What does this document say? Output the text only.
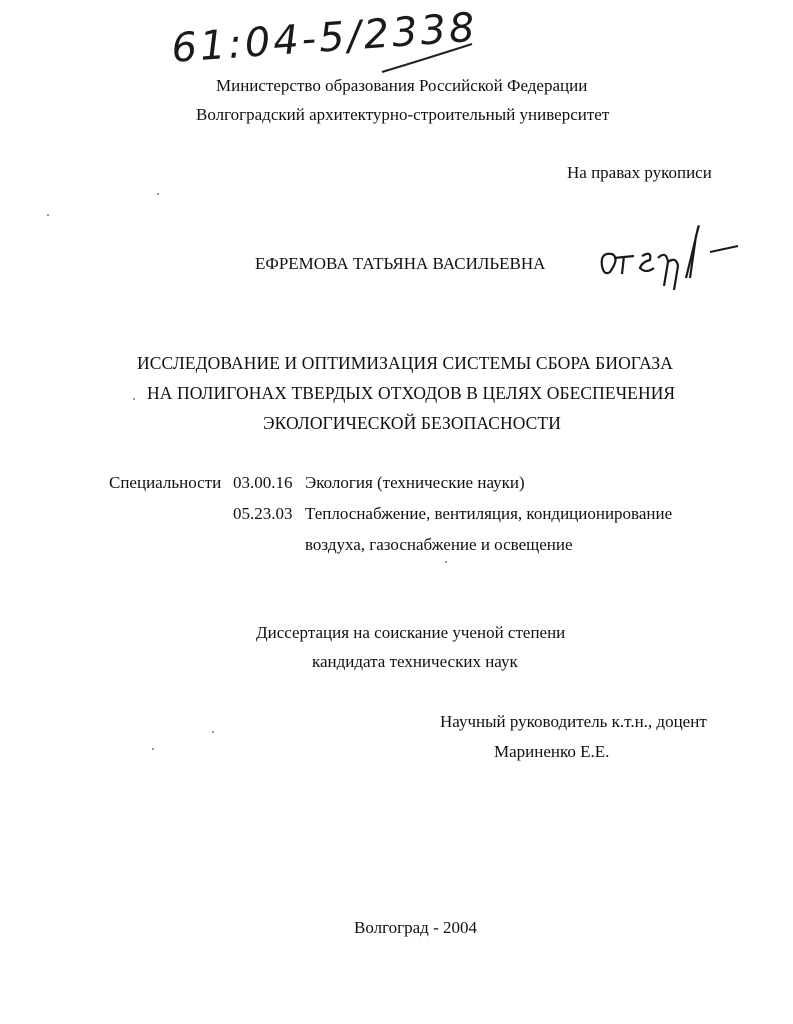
61:04-5/2338
Министерство образования Российской Федерации
Волгоградский архитектурно-строительный университет
На правах рукописи
ЕФРЕМОВА ТАТЬЯНА ВАСИЛЬЕВНА
ИССЛЕДОВАНИЕ И ОПТИМИЗАЦИЯ СИСТЕМЫ СБОРА БИОГАЗА
НА ПОЛИГОНАХ ТВЕРДЫХ ОТХОДОВ В ЦЕЛЯХ ОБЕСПЕЧЕНИЯ
ЭКОЛОГИЧЕСКОЙ БЕЗОПАСНОСТИ
Специальности 03.00.16 Экология (технические науки)
05.23.03 Теплоснабжение, вентиляция, кондиционирование
воздуха, газоснабжение и освещение
Диссертация на соискание ученой степени
кандидата технических наук
Научный руководитель к.т.н., доцент
Мариненко Е.Е.
Волгоград - 2004
